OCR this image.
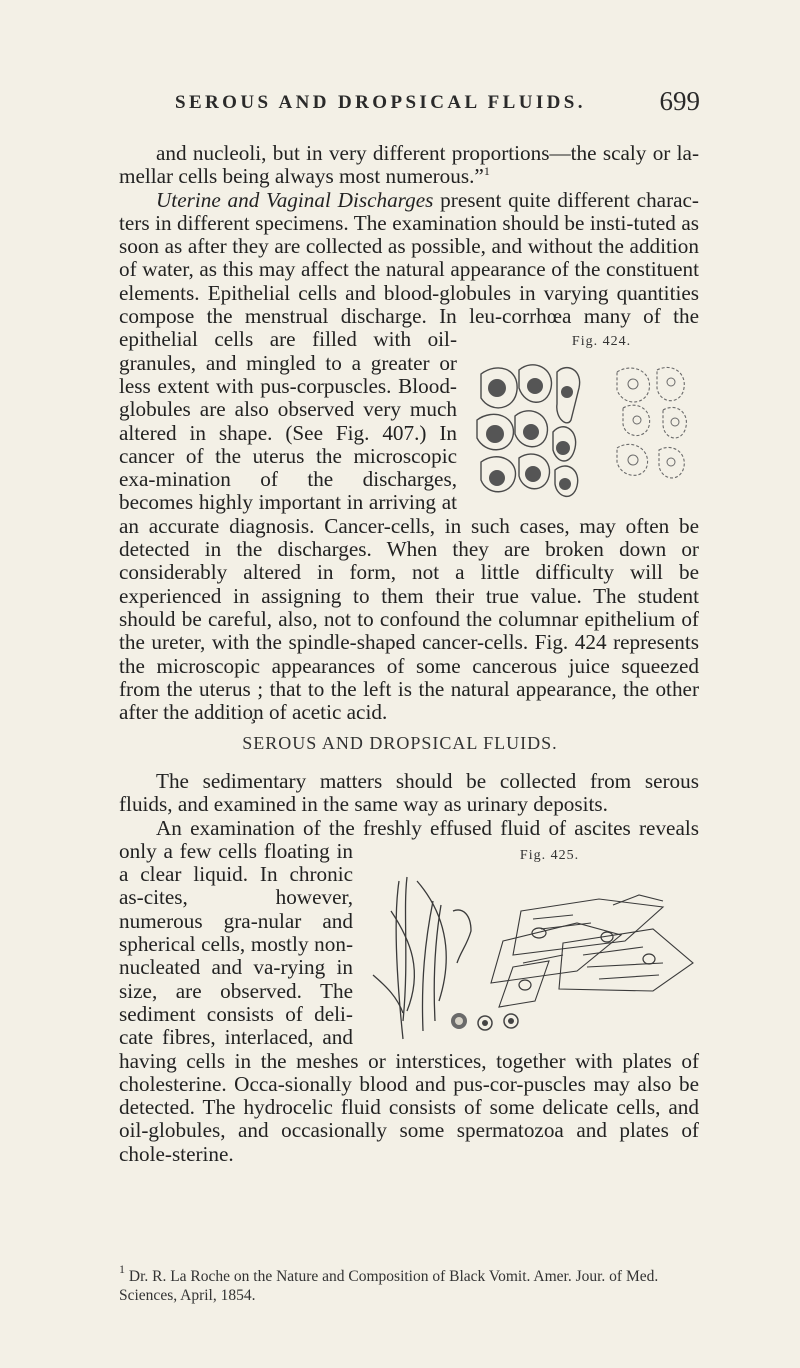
SEROUS AND DROPSICAL FLUIDS.	699

and nucleoli, but in very different proportions—the scaly or la-mellar cells being always most numerous.”$^1$

Uterine and Vaginal Discharges present quite different charac-ters in different specimens. The examination should be insti-tuted as soon as after they are collected as possible, and without the addition of water, as this may affect the natural appearance of the constituent elements. Epithelial cells and blood-globules in varying quantities compose the menstrual discharge. In leu-
Fig. 424.
corrhœa many of the epithelial cells are filled with oil-granules, and mingled to a greater or less extent with pus-corpuscles. Blood-globules are also observed very much altered in shape. (See Fig. 407.) In cancer of the uterus the microscopic exa-mination of the discharges, becomes highly important in arriving at an accurate diagnosis. Cancer-cells, in such cases, may often be detected in the discharges. When they are broken down or considerably altered in form, not a little difficulty will be experienced in assigning to them their true value. The student should be careful, also, not to confound the columnar epithelium of the ureter, with the spindle-shaped cancer-cells. Fig. 424 represents the microscopic appearances of some cancerous juice squeezed from the uterus ; that to the left is the natural appearance, the other after the additio̧n of acetic acid.

SEROUS AND DROPSICAL FLUIDS.

The sedimentary matters should be collected from serous fluids, and examined in the same way as urinary deposits.

An examination of the freshly effused fluid of ascites reveals
Fig. 425.
only a few cells floating in a clear liquid. In chronic as-cites, however, numerous gra-nular and spherical cells, mostly non-nucleated and va-rying in size, are observed. The sediment consists of deli-cate fibres, interlaced, and having cells in the meshes or interstices, together with plates of cholesterine. Occa-sionally blood and pus-cor-puscles may also be detected. The hydrocelic fluid consists of some delicate cells, and oil-globules, and occasionally some spermatozoa and plates of chole-sterine.

$^1$ Dr. R. La Roche on the Nature and Composition of Black Vomit. Amer. Jour. of Med. Sciences, April, 1854.
